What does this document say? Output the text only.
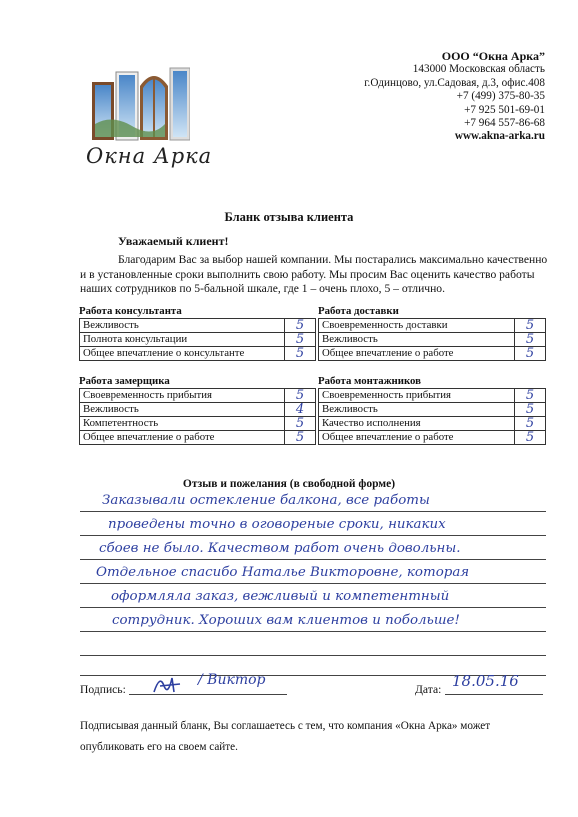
ООО “Окна Арка”
143000 Московская область
г.Одинцово, ул.Садовая, д.3, офис.408
+7 (499) 375-80-35
+7 925 501-69-01
+7 964 557-86-68
www.akna-arka.ru
Окна Арка
Бланк отзыва клиента
Уважаемый клиент!

Благодарим Вас за выбор нашей компании. Мы постарались максимально качественно и в установленные сроки выполнить свою работу. Мы просим Вас оценить качество работы наших сотрудников по 5-бальной шкале, где 1 – очень плохо, 5 – отлично.

Работа консультанта
Вежливость	5
Полнота консультации	5
Общее впечатление о консультанте	5
Работа доставки
Своевременность доставки	5
Вежливость	5
Общее впечатление о работе	5
Работа замерщика
Своевременность прибытия	5
Вежливость	4
Компетентность	5
Общее впечатление о работе	5
Работа монтажников
Своевременность прибытия	5
Вежливость	5
Качество исполнения	5
Общее впечатление о работе	5
Отзыв и пожелания (в свободной форме)
Заказывали остекление балкона, все работы
проведены точно в оговореные сроки, никаких
сбоев не было. Качеством работ очень довольны.
Отдельное спасибо Наталье Викторовне, которая
оформляла заказ, вежливый и компетентный
сотрудник. Хороших вам клиентов и побольше!
Подпись:
/ Виктор
Дата: 18.05.16
Подписывая данный бланк, Вы соглашаетесь с тем, что компания «Окна Арка» может опубликовать его на своем сайте.
